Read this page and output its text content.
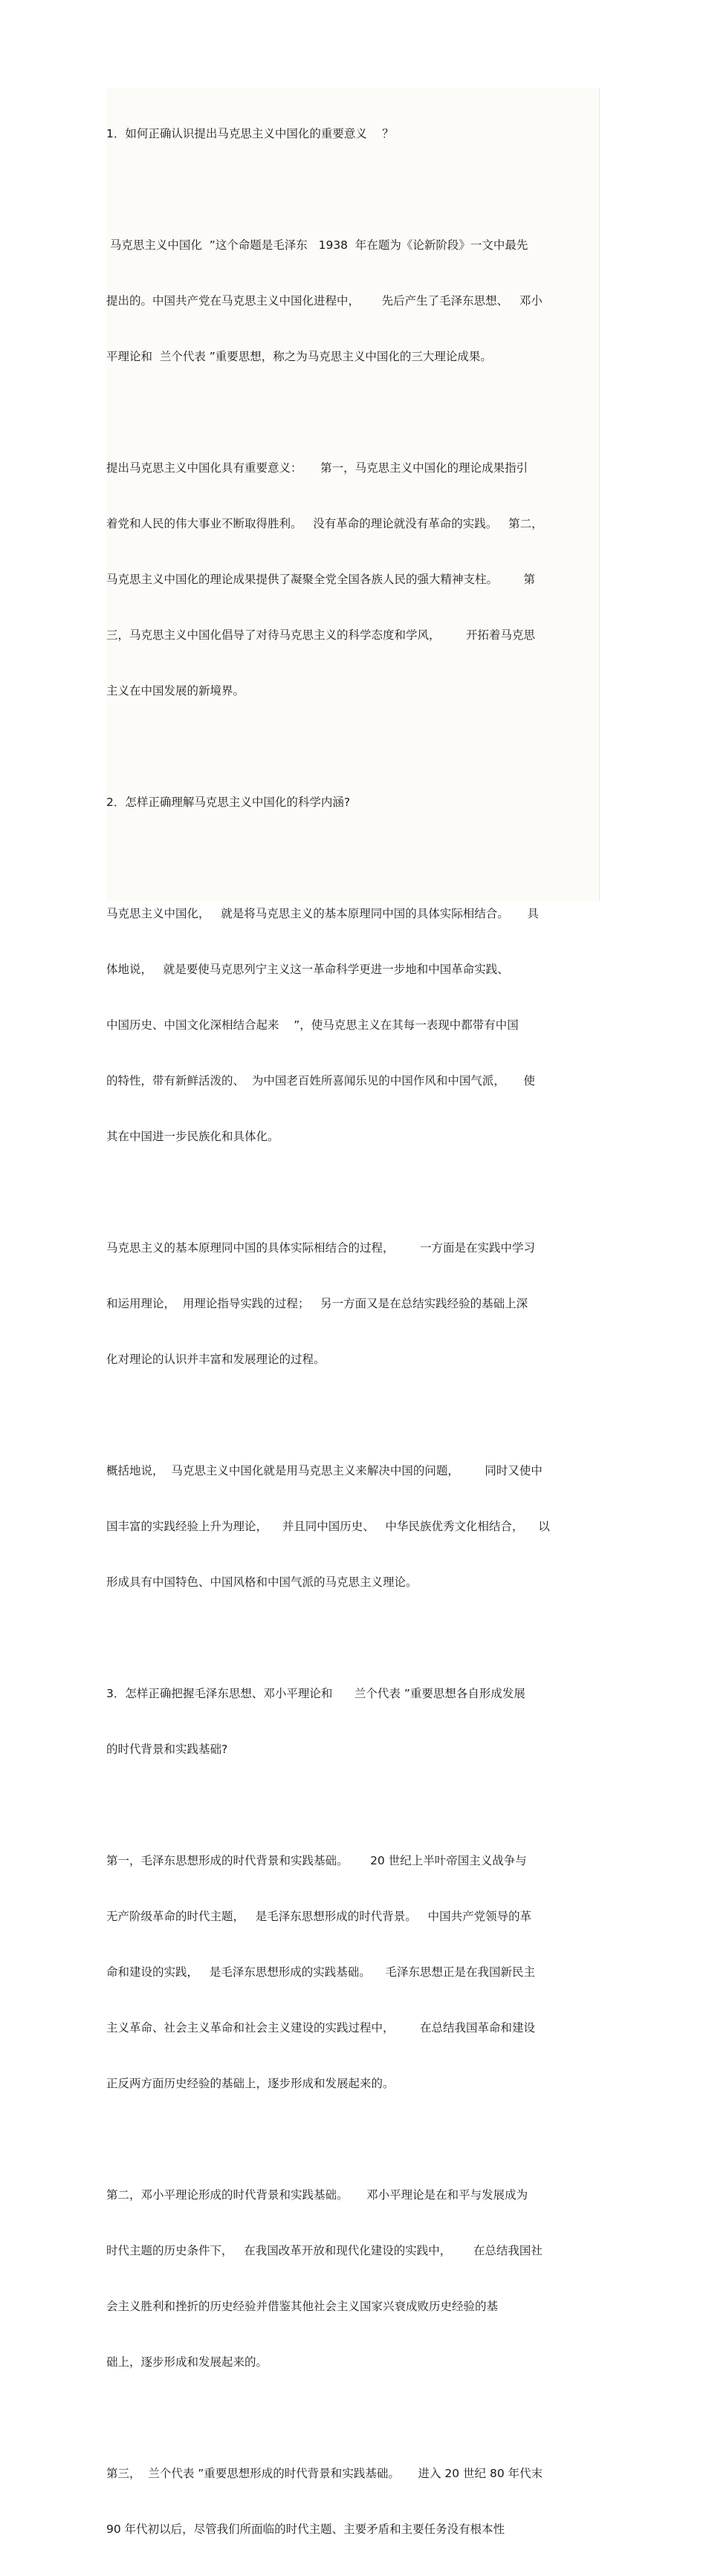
1．如何正确认识提出马克思主义中国化的重要意义　 ？

马克思主义中国化  ”这个命题是毛泽东   1938  年在题为《论新阶段》一文中最先

提出的。中国共产党在马克思主义中国化进程中，      先后产生了毛泽东思想、   邓小

平理论和  兰个代表 ”重要思想，称之为马克思主义中国化的三大理论成果。

提出马克思主义中国化具有重要意义：     第一，马克思主义中国化的理论成果指引

着党和人民的伟大事业不断取得胜利。   没有革命的理论就没有革命的实践。   第二，

马克思主义中国化的理论成果提供了凝聚全党全国各族人民的强大精神支柱。       第

三，马克思主义中国化倡导了对待马克思主义的科学态度和学风，       开拓着马克思

主义在中国发展的新境界。

2．怎样正确理解马克思主义中国化的科学内涵?

马克思主义中国化，   就是将马克思主义的基本原理同中国的具体实际相结合。     具

体地说，   就是要使马克思列宁主义这一革命科学更进一步地和中国革命实践、

中国历史、中国文化深相结合起来    ”，使马克思主义在其每一表现中都带有中国

的特性，带有新鲜活泼的、  为中国老百姓所喜闻乐见的中国作风和中国气派，     使

其在中国进一步民族化和具体化。

马克思主义的基本原理同中国的具体实际相结合的过程，       一方面是在实践中学习

和运用理论，  用理论指导实践的过程；   另一方面又是在总结实践经验的基础上深

化对理论的认识并丰富和发展理论的过程。

概括地说，  马克思主义中国化就是用马克思主义来解决中国的问题，       同时又使中

国丰富的实践经验上升为理论，    并且同中国历史、   中华民族优秀文化相结合，    以

形成具有中国特色、中国风格和中国气派的马克思主义理论。

3．怎样正确把握毛泽东思想、邓小平理论和      兰个代表 ”重要思想各自形成发展

的时代背景和实践基础?

第一，毛泽东思想形成的时代背景和实践基础。      20 世纪上半叶帝国主义战争与

无产阶级革命的时代主题，   是毛泽东思想形成的时代背景。   中国共产党领导的革

命和建设的实践，   是毛泽东思想形成的实践基础。    毛泽东思想正是在我国新民主

主义革命、社会主义革命和社会主义建设的实践过程中，       在总结我国革命和建设

正反两方面历史经验的基础上，逐步形成和发展起来的。

第二，邓小平理论形成的时代背景和实践基础。     邓小平理论是在和平与发展成为

时代主题的历史条件下，   在我国改革开放和现代化建设的实践中，      在总结我国社

会主义胜利和挫折的历史经验并借鉴其他社会主义国家兴衰成败历史经验的基

础上，逐步形成和发展起来的。

第三，  兰个代表 ”重要思想形成的时代背景和实践基础。     进入 20 世纪 80 年代末

90 年代初以后，尽管我们所面临的时代主题、主要矛盾和主要任务没有根本性
